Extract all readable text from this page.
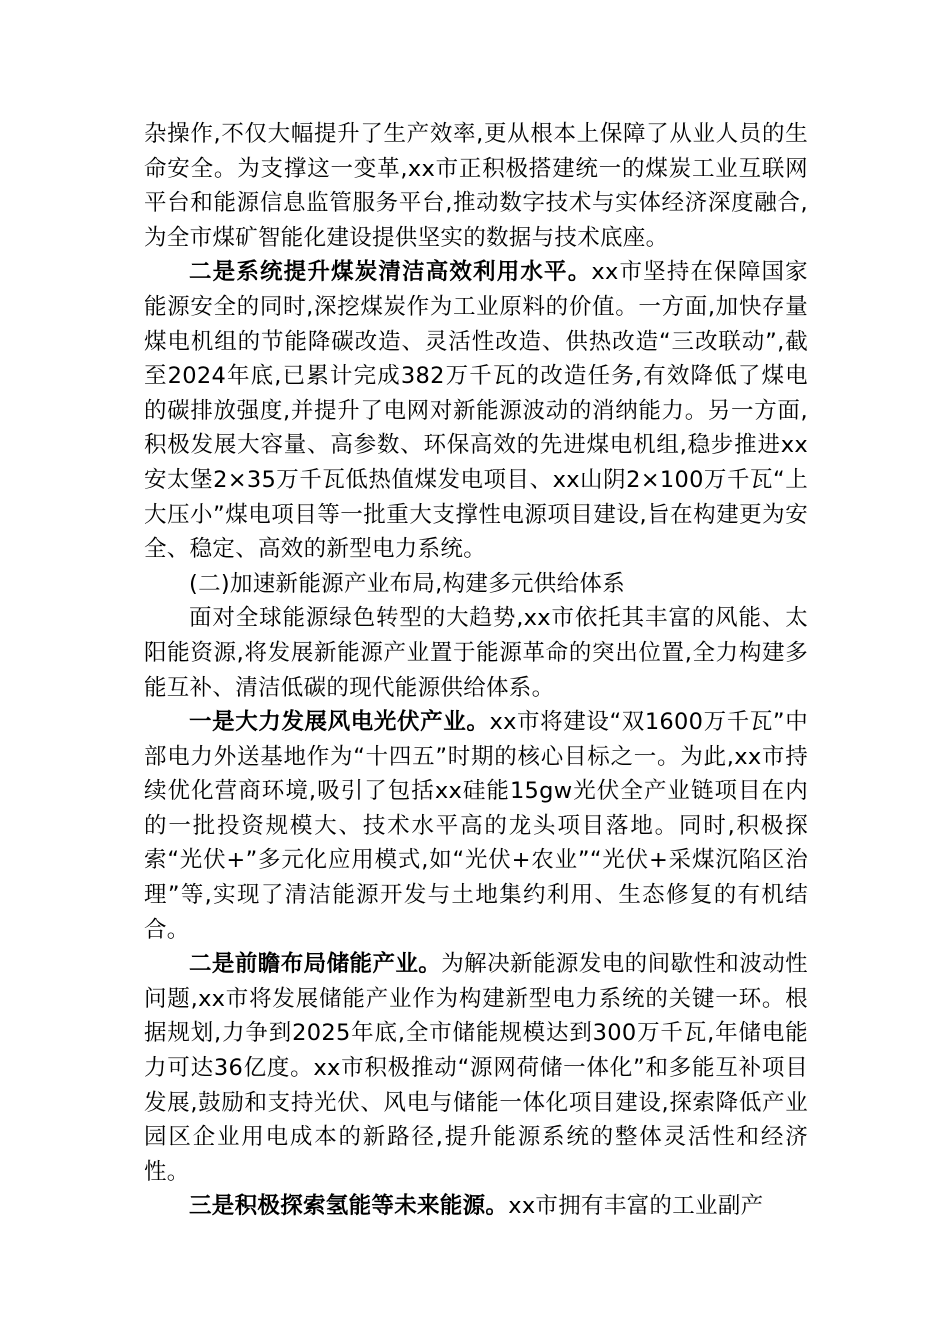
杂操作,不仅大幅提升了生产效率,更从根本上保障了从业人员的生命安全。为支撑这一变革,xx市正积极搭建统一的煤炭工业互联网平台和能源信息监管服务平台,推动数字技术与实体经济深度融合,为全市煤矿智能化建设提供坚实的数据与技术底座。

二是系统提升煤炭清洁高效利用水平。xx市坚持在保障国家能源安全的同时,深挖煤炭作为工业原料的价值。一方面,加快存量煤电机组的节能降碳改造、灵活性改造、供热改造“三改联动”,截至2024年底,已累计完成382万千瓦的改造任务,有效降低了煤电的碳排放强度,并提升了电网对新能源波动的消纳能力。另一方面,积极发展大容量、高参数、环保高效的先进煤电机组,稳步推进xx安太堡2×35万千瓦低热值煤发电项目、xx山阴2×100万千瓦“上大压小”煤电项目等一批重大支撑性电源项目建设,旨在构建更为安全、稳定、高效的新型电力系统。

(二)加速新能源产业布局,构建多元供给体系

面对全球能源绿色转型的大趋势,xx市依托其丰富的风能、太阳能资源,将发展新能源产业置于能源革命的突出位置,全力构建多能互补、清洁低碳的现代能源供给体系。

一是大力发展风电光伏产业。xx市将建设“双1600万千瓦”中部电力外送基地作为“十四五”时期的核心目标之一。为此,xx市持续优化营商环境,吸引了包括xx硅能15gw光伏全产业链项目在内的一批投资规模大、技术水平高的龙头项目落地。同时,积极探索“光伏+”多元化应用模式,如“光伏+农业”“光伏+采煤沉陷区治理”等,实现了清洁能源开发与土地集约利用、生态修复的有机结合。

二是前瞻布局储能产业。为解决新能源发电的间歇性和波动性问题,xx市将发展储能产业作为构建新型电力系统的关键一环。根据规划,力争到2025年底,全市储能规模达到300万千瓦,年储电能力可达36亿度。xx市积极推动“源网荷储一体化”和多能互补项目发展,鼓励和支持光伏、风电与储能一体化项目建设,探索降低产业园区企业用电成本的新路径,提升能源系统的整体灵活性和经济性。

三是积极探索氢能等未来能源。xx市拥有丰富的工业副产
